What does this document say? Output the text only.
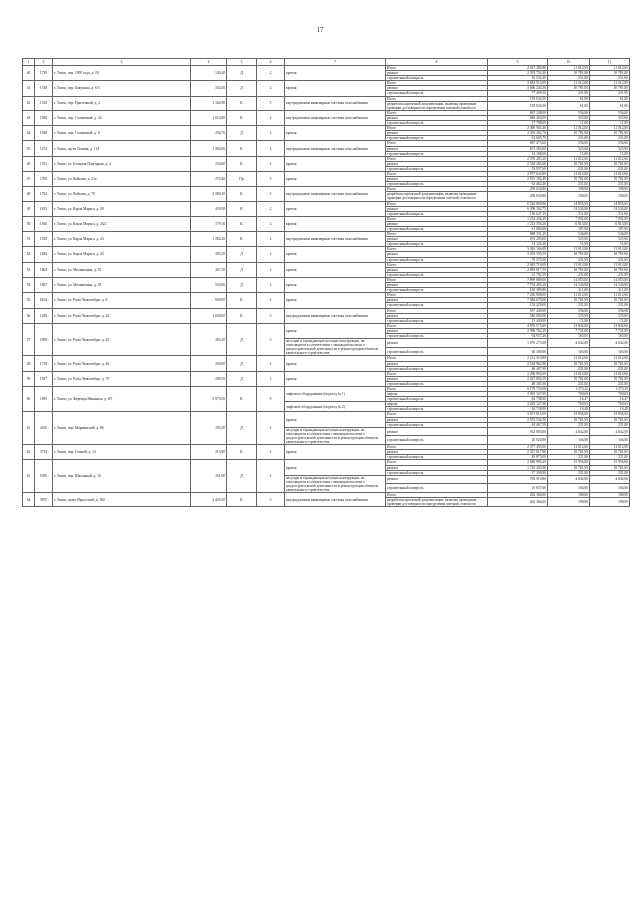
17
1	2	3	4	5	6	7	8	9	10	11
40	1739	г. Томск, пер. 1905 года, д. 20	140,40	Д	2	кровля	Итого	2 647 284,80	11 012,00	11 012,00
							ремонт	2 591 752,40	10 781,00	10 781,00
							строительный контроль	55 532,40	231,00	231,00
41	1748	г. Томск, пер. Бакунина, д. 6/3	334,50	Д	2	кровля	Итого	3 683 514,00	11 012,00	11 012,00
							ремонт	3 606 244,50	10 781,00	10 781,00
							строительный контроль	77 269,50	231,00	231,00
42	1318	г. Томск, пер. Приточный, д. 2	3 164,90	К	5	внутридомовые инженерные системы газоснабжения	Итого	195 034,50	61,00	61,00
							разработка проектной документации, включая проведение проверки достоверности определения сметной стоимости	195 034,50	61,00	61,00
43	1920	г. Томск, пер. Солнечный, д. 26	1 610,00	К	4	внутридомовые инженерные системы газоснабжения	Итого	867 248,00	536,00	536,00
							ремонт	849 450,00	525,00	525,00
							строительный контроль	17 798,00	11,00	11,00
44	1929	г. Томск, пер. Солнечный, д. 6	256,70	Д	2	кровля	Итого	2 496 905,40	11 012,00	11 012,00
							ремонт	2 435 302,70	10 781,00	10 781,00
							строительный контроль	61 605,70	231,00	231,00
45	1274	г. Томск, пр-кт Ленина, д. 114	1 282,60	К	4	внутридомовые инженерные системы газоснабжения	Итого	687 473,60	536,00	536,00
							ремонт	673 365,00	525,00	525,00
							строительный контроль	14 108,60	11,00	11,00
46	1761	г. Томск, ул. Большая Подгорная, д. 4	233,60	К	2	кровля	Итого	2 570 203,20	11 012,00	11 012,00
							ремонт	2 516 265,60	10 781,00	10 781,00
							строительный контроль	53 937,60	231,00	231,00
47	1765	г. Томск, ул. Войкова, д. 21а	270,40	Пр	3	кровля	Итого	2 977 644,80	11 012,00	11 012,00
							ремонт	2 915 182,40	10 781,00	10 781,00
							строительный контроль	62 462,40	231,00	231,00
48	1792	г. Томск, ул. Войкова, д. 70	2 390,10	К	5	внутридомовые инженерные системы газоснабжения	Итого	258 630,80	108,00	108,00
							разработка проектной документации, включая проведение проверки достоверности определения сметной стоимости	258 630,80	108,00	108,00
49	1815	г. Томск, ул. Карла Маркса, д. 58	439,58	К	2	кровля	Итого	6 526 809,90	14 855,00	14 855,00
							ремонт	6 390 162,75	14 544,00	14 544,00
							строительный контроль	136 647,15	311,00	311,00
50	1816	г. Томск, ул. Карла Маркса, д. 26/2	179,10	К	2	кровля	Итого	1 254 236,20	7 002,00	7 002,00
							ремонт	1 212 556,20	6 815,00	6 815,00
							строительный контроль	41 680,00	187,00	187,00
51	1818	г. Томск, ул. Карла Маркса, д. 24	1 284,20	К	4	внутридомовые инженерные системы газоснабжения	Итого	688 331,20	536,00	536,00
							ремонт	674 205,00	525,00	525,00
							строительный контроль	14 126,20	11,00	11,00
52	1826	г. Томск, ул. Карла Маркса, д. 43	305,50	Д	2	кровля	Итого	3 364 166,00	11 012,00	11 012,00
							ремонт	3 293 595,50	10 781,00	10 781,00
							строительный контроль	70 570,50	231,00	231,00
53	1864	г. Томск, ул. Мельничная, д. 55	267,50	Д	2	кровля	Итого	2 945 710,00	11 012,00	11 012,00
							ремонт	2 883 917,50	10 781,00	10 781,00
							строительный контроль	61 792,50	231,00	231,00
54	1867	г. Томск, ул. Мельничная, д. 38	533,00	Д	2	кровля	Итого	7 899 889,00	14 855,00	14 855,00
							ремонт	7 734 495,20	14 544,00	14 544,00
							строительный контроль	165 389,80	311,00	311,00
55	8164	г. Томск, ул. Розы Люксембург, д. 6	669,00	К	2	кровля	Итого	7 236 908,00	11 012,00	11 012,00
							ремонт	7 084 679,00	10 781,00	10 781,00
							строительный контроль	152 229,00	231,00	231,00
56	1028	г. Томск, ул. Розы Люксембург, д. 42	1 040,00	К	5	внутридомовые инженерные системы газоснабжения	Итого	557 440,00	536,00	536,00
							ремонт	546 000,00	525,00	525,00
							строительный контроль	11 440,00	11,00	11,00
57	1909	г. Томск, ул. Розы Люксембург, д. 45	383,20	Д	3	кровля	Итого	4 976 575,00	12 842,00	12 842,00
							ремонт	2 996 762,20	7 731,00	7 731,00
							строительный контроль	63 957,20	165,00	165,00
						несущие и ограждающие несущие конструкции, не относящиеся в соответствии с законодательством о градостроительной деятельности к реконструкции объектов капитального строительства	ремонт	1 876 275,00	4 842,00	4 842,00
							строительный контроль	40 300,00	104,00	104,00
58	1718	г. Томск, ул. Розы Люксембург, д. 46	200,90	Д	2	кровля	Итого	2 212 310,80	11 012,00	11 012,00
							ремонт	2 165 962,90	10 781,00	10 781,00
							строительный контроль	46 407,90	231,00	231,00
59	1927	г. Томск, ул. Розы Люксембург, д. 70	209,50	Д	2	кровля	Итого	2 296 902,00	11 012,00	11 012,00
							ремонт	2 247 856,50	10 781,00	10 781,00
							строительный контроль	48 165,50	231,00	231,00
60	1695	г. Томск, ул. Ференца Мюнниха, д. 8/3	5 970,50	К	9	лифтовое оборудование (подъезд № 1)	Итого	6 179 730,00	1 573,25	1 573,25
							замена	3 025 127,00	769,65	769,65
							строительный контроль	64 738,00	16,47	16,47
						лифтовое оборудование (подъезд № 2)	замена	3 025 127,00	769,65	769,65
							строительный контроль	64 738,00	16,48	16,48
61	4165	г. Томск, пер. Мариинский, д. 86	193,50	Д	2	кровля	Итого	3 071 915,00	15 956,00	15 956,00
							ремонт	2 973 542,50	10 781,00	10 781,00
							строительный контроль	44 467,50	231,00	231,00
						несущие и ограждающие несущие конструкции, не относящиеся в соответствии с законодательством о градостроительной деятельности к реконструкции объектов капитального строительства	ремонт	932 085,00	4 842,00	4 842,00
							строительный контроль	20 020,00	104,00	104,00
62	3754	г. Томск, пер. Сенной, д. 14	215,90	К	2	кровля	Итого	2 377 493,00	11 012,00	11 012,00
							ремонт	2 327 617,90	10 781,00	10 781,00
							строительный контроль	49 875,00	231,00	231,00
63	5039	г. Томск, пер. Школьный, д. 10	161,90	Д	2	кровля	Итого	2 586 900,20	15 956,00	15 956,00
							ремонт	1 745 443,90	10 781,00	10 781,00
							строительный контроль	37 398,90	231,00	231,00
						несущие и ограждающие несущие конструкции, не относящиеся в соответствии с законодательством о градостроительной деятельности к реконструкции объектов капитального строительства	ремонт	783 919,80	4 842,00	4 842,00
							строительный контроль	16 837,60	104,00	104,00
64	3875	г. Томск, тракт Иркутский, д. 160	2 429,30	К	5	внутридомовые инженерные системы газоснабжения	Итого	262 366,00	108,00	108,00
							разработка проектной документации, включая проведение проверки достоверности определения сметной стоимости	262 366,00	108,00	108,00
